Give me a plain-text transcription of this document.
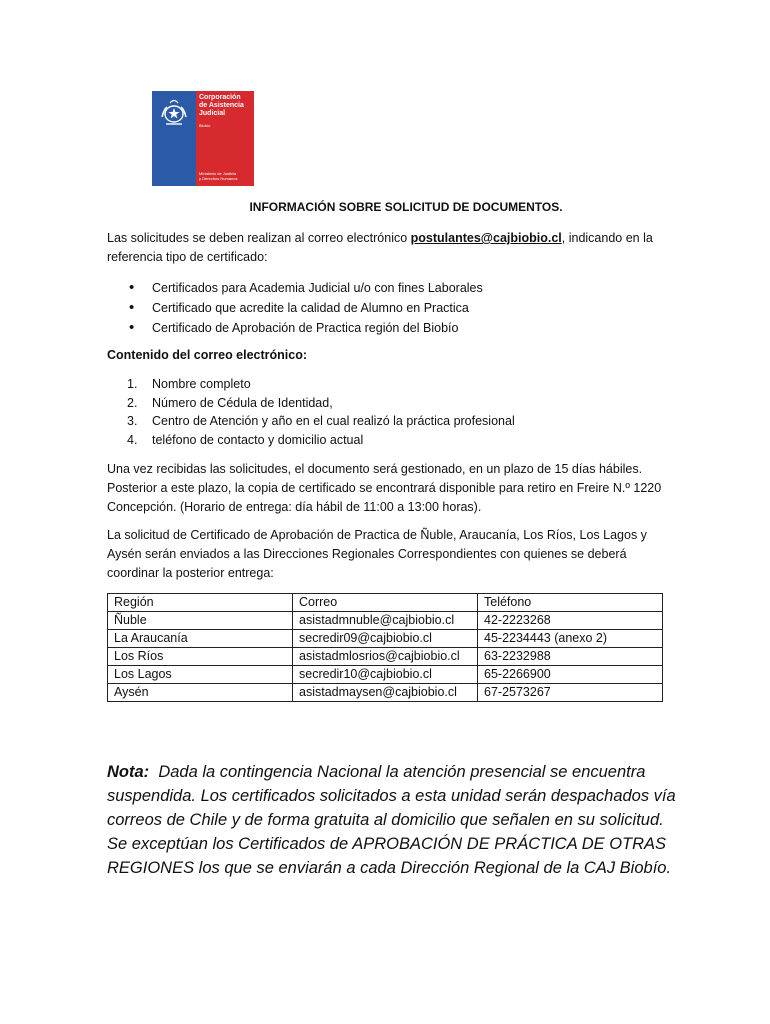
Corporación
de Asistencia
Judicial
Biobío
Ministerio de Justicia
y Derechos Humanos
INFORMACIÓN SOBRE SOLICITUD DE DOCUMENTOS.
Las solicitudes se deben realizan al correo electrónico postulantes@cajbiobio.cl, indicando en la referencia tipo de certificado:
• Certificados para Academia Judicial u/o con fines Laborales
• Certificado que acredite la calidad de Alumno en Practica
• Certificado de Aprobación de Practica región del Biobío
Contenido del correo electrónico:
1. Nombre completo
2. Número de Cédula de Identidad,
3. Centro de Atención y año en el cual realizó la práctica profesional
4. teléfono de contacto y domicilio actual
Una vez recibidas las solicitudes, el documento será gestionado, en un plazo de 15 días hábiles. Posterior a este plazo, la copia de certificado se encontrará disponible para retiro en Freire N.º 1220 Concepción. (Horario de entrega: día hábil de 11:00 a 13:00 horas).
La solicitud de Certificado de Aprobación de Practica de Ñuble, Araucanía, Los Ríos, Los Lagos y Aysén serán enviados a las Direcciones Regionales Correspondientes con quienes se deberá coordinar la posterior entrega:
Región	Correo	Teléfono
Ñuble	asistadmnuble@cajbiobio.cl	42-2223268
La Araucanía	secredir09@cajbiobio.cl	45-2234443 (anexo 2)
Los Ríos	asistadmlosrios@cajbiobio.cl	63-2232988
Los Lagos	secredir10@cajbiobio.cl	65-2266900
Aysén	asistadmaysen@cajbiobio.cl	67-2573267
Nota: Dada la contingencia Nacional la atención presencial se encuentra suspendida. Los certificados solicitados a esta unidad serán despachados vía correos de Chile y de forma gratuita al domicilio que señalen en su solicitud. Se exceptúan los Certificados de APROBACIÓN DE PRÁCTICA DE OTRAS REGIONES los que se enviarán a cada Dirección Regional de la CAJ Biobío.
